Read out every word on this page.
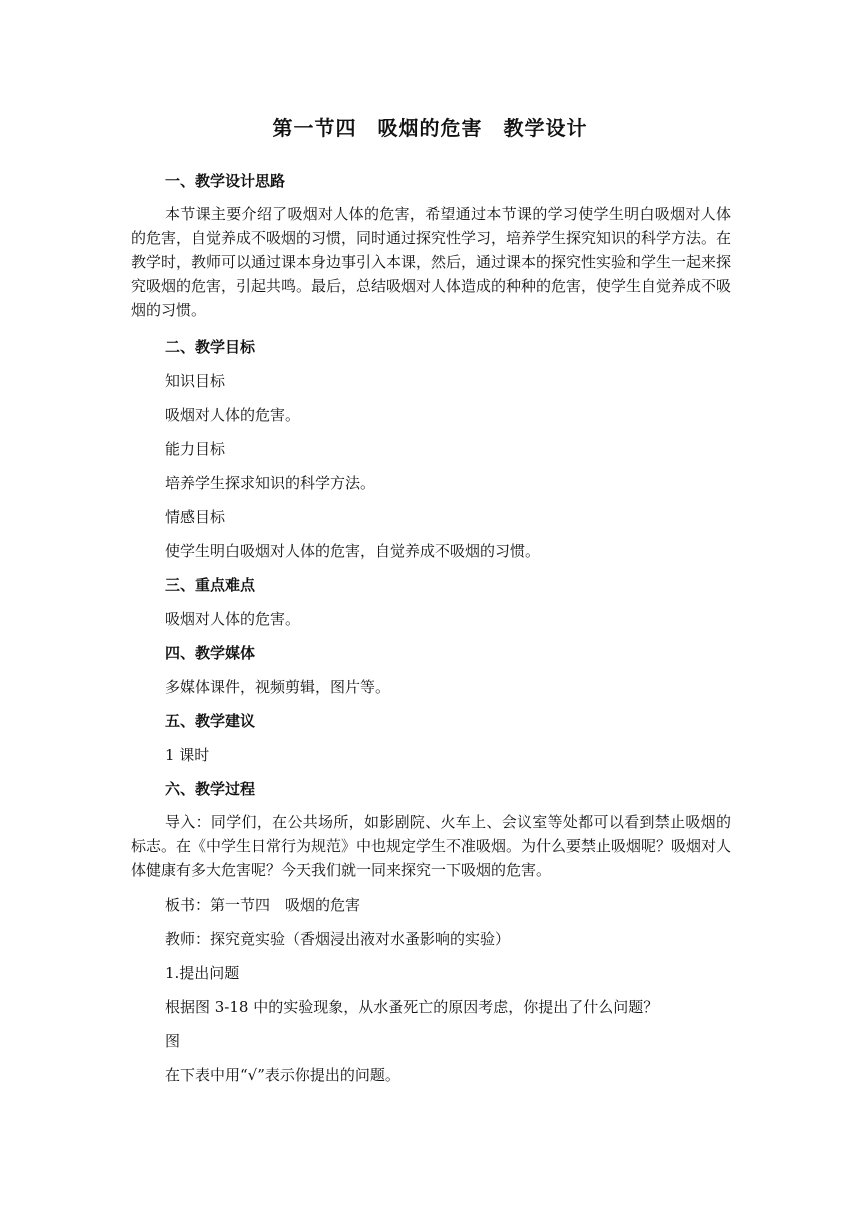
第一节四　吸烟的危害　教学设计
一、教学设计思路
本节课主要介绍了吸烟对人体的危害，希望通过本节课的学习使学生明白吸烟对人体的危害，自觉养成不吸烟的习惯，同时通过探究性学习，培养学生探究知识的科学方法。在教学时，教师可以通过课本身边事引入本课，然后，通过课本的探究性实验和学生一起来探究吸烟的危害，引起共鸣。最后，总结吸烟对人体造成的种种的危害，使学生自觉养成不吸烟的习惯。
二、教学目标
知识目标
吸烟对人体的危害。
能力目标
培养学生探求知识的科学方法。
情感目标
使学生明白吸烟对人体的危害，自觉养成不吸烟的习惯。
三、重点难点
吸烟对人体的危害。
四、教学媒体
多媒体课件，视频剪辑，图片等。
五、教学建议
1 课时
六、教学过程
导入：同学们，在公共场所，如影剧院、火车上、会议室等处都可以看到禁止吸烟的标志。在《中学生日常行为规范》中也规定学生不准吸烟。为什么要禁止吸烟呢？吸烟对人体健康有多大危害呢？今天我们就一同来探究一下吸烟的危害。
板书：第一节四　吸烟的危害
教师：探究竟实验（香烟浸出液对水蚤影响的实验）
1.提出问题
根据图 3-18 中的实验现象，从水蚤死亡的原因考虑，你提出了什么问题？
图
在下表中用“√”表示你提出的问题。
